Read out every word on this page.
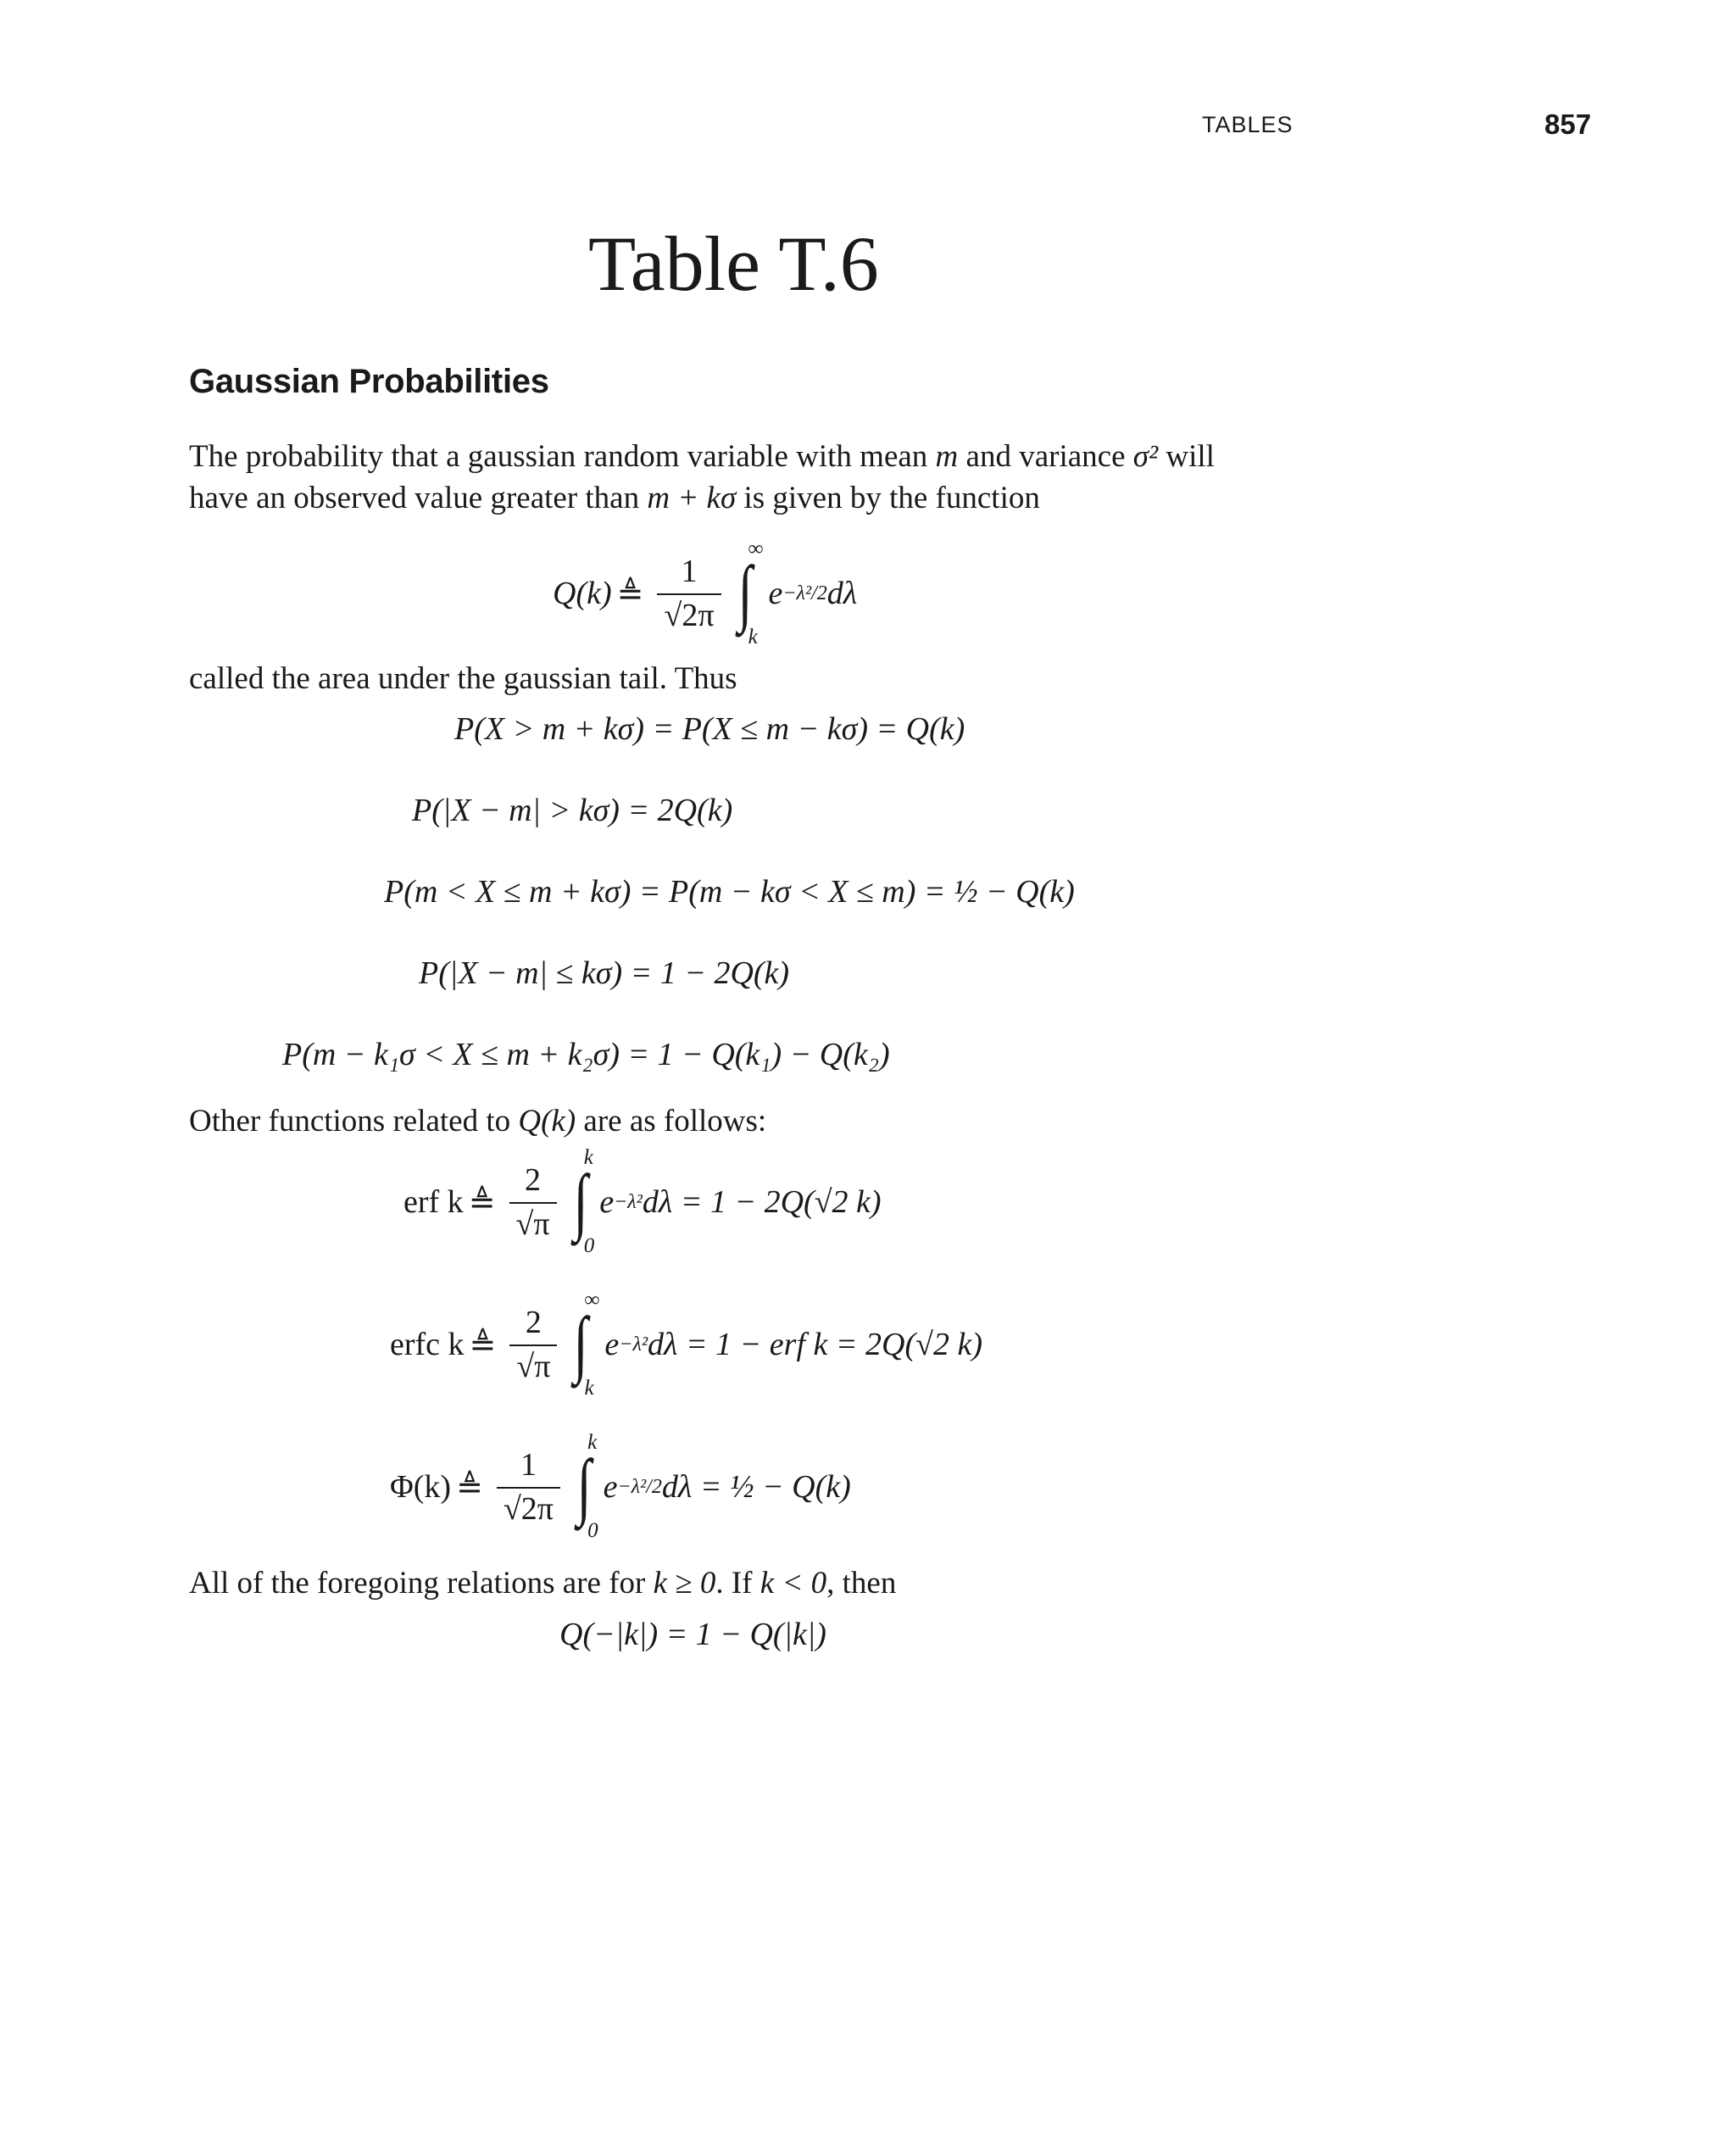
TABLES	857
Table T.6
Gaussian Probabilities
The probability that a gaussian random variable with mean m and variance σ² will
have an observed value greater than m + kσ is given by the function
Q(k) ≜ $\frac{1}{√2\pi}$ ∫
∞
k
e −λ²/2 dλ
called the area under the gaussian tail. Thus
P(X > m + kσ) = P(X ≤ m − kσ) = Q(k)
P(|X − m| > kσ) = 2Q(k)
P(m < X ≤ m + kσ) = P(m − kσ < X ≤ m) = ½ − Q(k)
P(|X − m| ≤ kσ) = 1 − 2Q(k)
P(m − k₁σ < X ≤ m + k₂σ) = 1 − Q(k₁) − Q(k₂)
Other functions related to Q(k) are as follows:
erf k ≜ $\frac{2}{√\pi}$ ∫
k
0
e −λ² dλ = 1 − 2Q(√2 k)
erfc k ≜ $\frac{2}{√\pi}$ ∫
∞
k
e −λ² dλ = 1 − erf k = 2Q(√2 k)
Φ(k) ≜ $\frac{1}{√2\pi}$ ∫
k
0
e −λ²/2 dλ = ½ − Q(k)
All of the foregoing relations are for k ≥ 0. If k < 0, then
Q(−|k|) = 1 − Q(|k|)
